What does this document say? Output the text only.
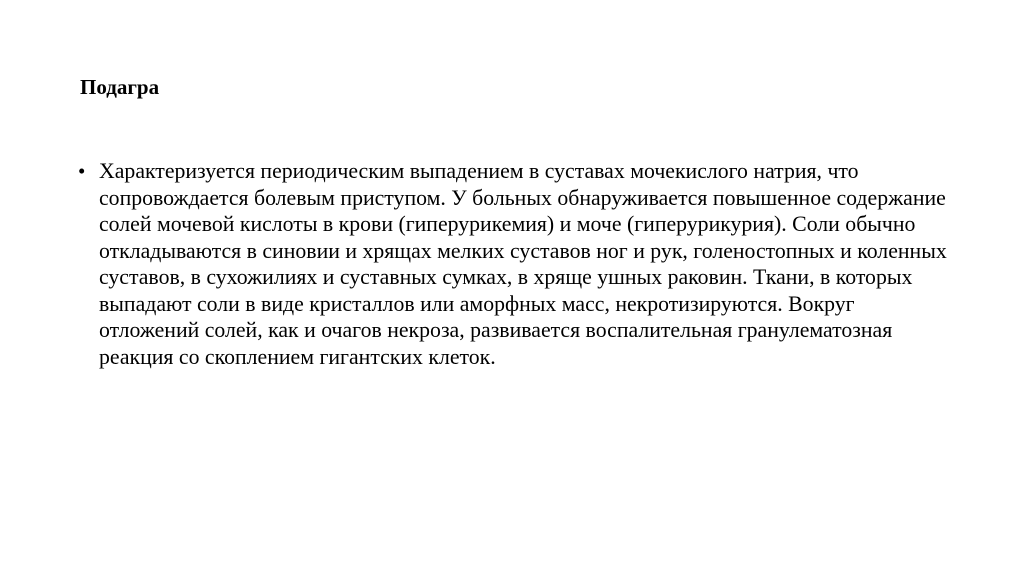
Подагра
• Характеризуется периодическим выпадением в суставах мочекислого натрия, что сопровождается болевым приступом. У больных обнаруживается повышенное содержание солей мочевой кислоты в крови (гиперурикемия) и моче (гиперурикурия). Соли обычно откладываются в синовии и хрящах мелких суставов ног и рук, голеностопных и коленных суставов, в сухожилиях и суставных сумках, в хряще ушных раковин. Ткани, в которых выпадают соли в виде кристаллов или аморфных масс, некротизируются. Вокруг отложений солей, как и очагов некроза, развивается воспалительная гранулематозная реакция со скоплением гигантских клеток.
